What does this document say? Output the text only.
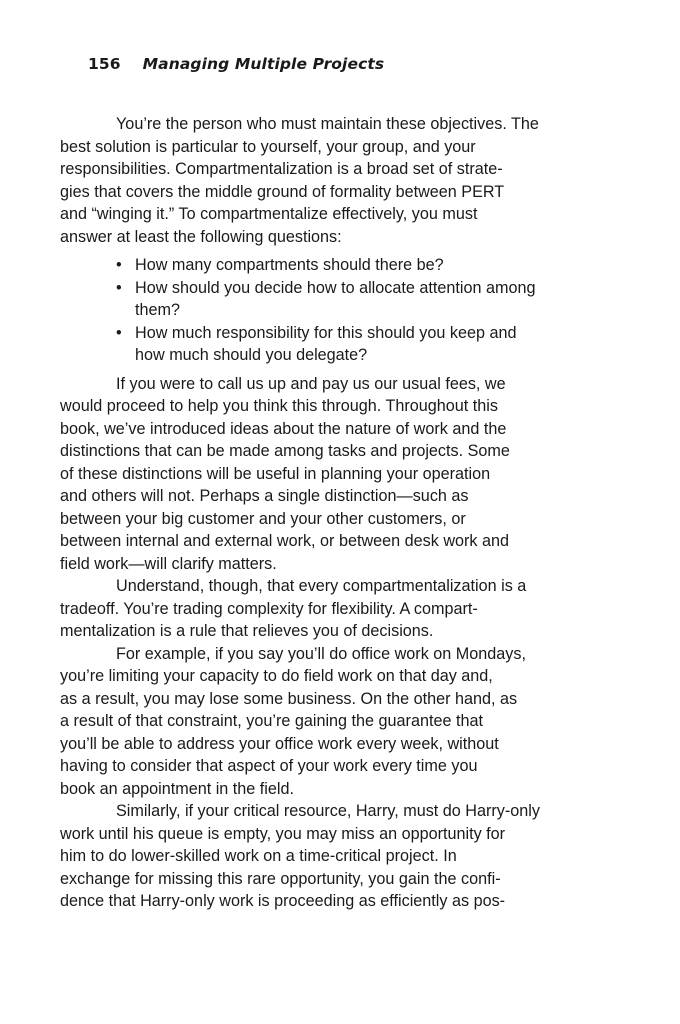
156 Managing Multiple Projects
You’re the person who must maintain these objectives. The
best solution is particular to yourself, your group, and your
responsibilities. Compartmentalization is a broad set of strate-
gies that covers the middle ground of formality between PERT
and “winging it.” To compartmentalize effectively, you must
answer at least the following questions:
• How many compartments should there be?
• How should you decide how to allocate attention among
them?
• How much responsibility for this should you keep and
how much should you delegate?
If you were to call us up and pay us our usual fees, we
would proceed to help you think this through. Throughout this
book, we’ve introduced ideas about the nature of work and the
distinctions that can be made among tasks and projects. Some
of these distinctions will be useful in planning your operation
and others will not. Perhaps a single distinction—such as
between your big customer and your other customers, or
between internal and external work, or between desk work and
field work—will clarify matters.
Understand, though, that every compartmentalization is a
tradeoff. You’re trading complexity for flexibility. A compart-
mentalization is a rule that relieves you of decisions.
For example, if you say you’ll do office work on Mondays,
you’re limiting your capacity to do field work on that day and,
as a result, you may lose some business. On the other hand, as
a result of that constraint, you’re gaining the guarantee that
you’ll be able to address your office work every week, without
having to consider that aspect of your work every time you
book an appointment in the field.
Similarly, if your critical resource, Harry, must do Harry-only
work until his queue is empty, you may miss an opportunity for
him to do lower-skilled work on a time-critical project. In
exchange for missing this rare opportunity, you gain the confi-
dence that Harry-only work is proceeding as efficiently as pos-
